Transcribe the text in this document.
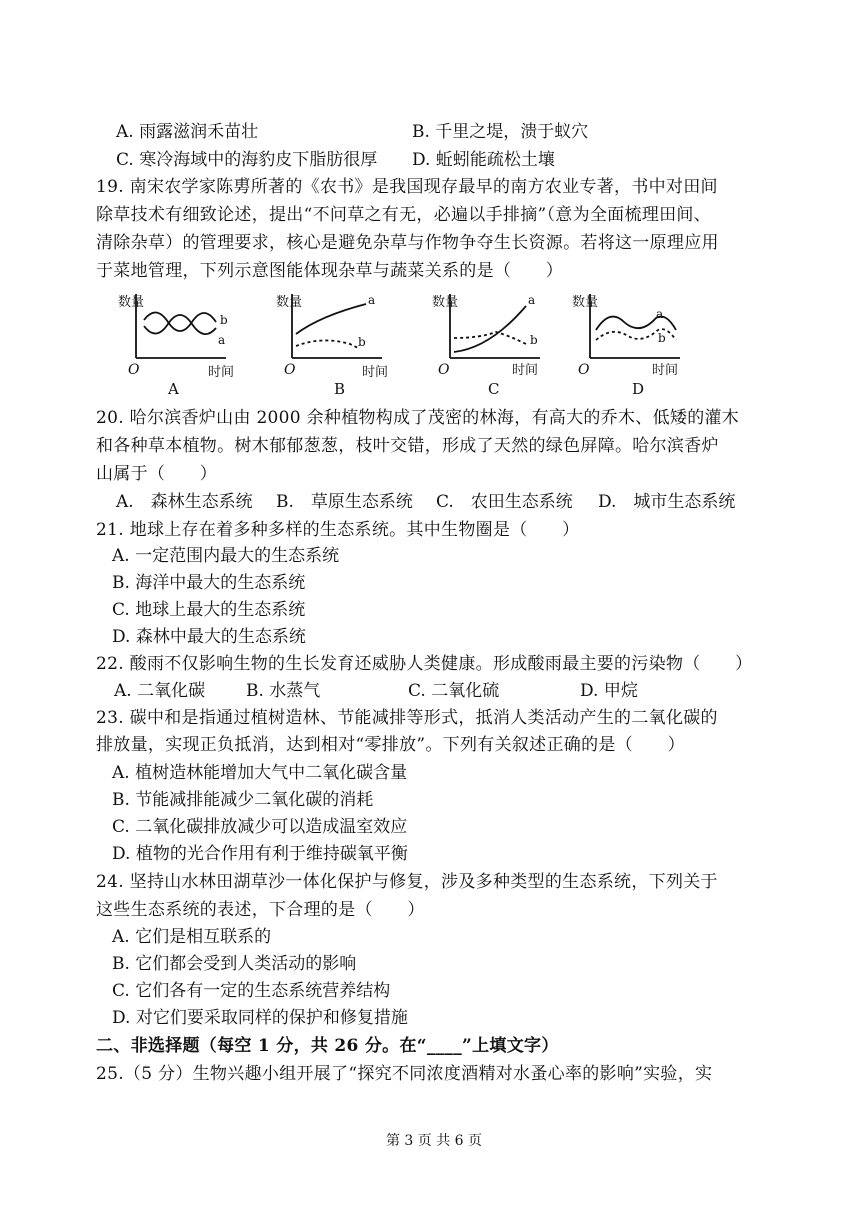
A. 雨露滋润禾苗壮	B. 千里之堤，溃于蚁穴
C. 寒冷海域中的海豹皮下脂肪很厚 D. 蚯蚓能疏松土壤
19. 南宋农学家陈旉所著的《农书》是我国现存最早的南方农业专著，书中对田间
除草技术有细致论述，提出“不问草之有无，必遍以手排摘”（意为全面梳理田间、
清除杂草）的管理要求，核心是避免杂草与作物争夺生长资源。若将这一原理应用
于菜地管理，下列示意图能体现杂草与蔬菜关系的是（　　）
数量
O	时间
b
a
数量
O	时间
a
b
数量
O	时间
a
b
数量
O	时间
a
b
A	B	C	D
20. 哈尔滨香炉山由 2000 余种植物构成了茂密的林海，有高大的乔木、低矮的灌木
和各种草本植物。树木郁郁葱葱，枝叶交错，形成了天然的绿色屏障。哈尔滨香炉
山属于（　　）
A.　森林生态系统 B.　草原生态系统 C.　农田生态系统 D.　城市生态系统
21. 地球上存在着多种多样的生态系统。其中生物圈是（　　）
A. 一定范围内最大的生态系统
B. 海洋中最大的生态系统
C. 地球上最大的生态系统
D. 森林中最大的生态系统
22. 酸雨不仅影响生物的生长发育还威胁人类健康。形成酸雨最主要的污染物（　　）
A. 二氧化碳 B. 水蒸气	C. 二氧化硫	D. 甲烷
23. 碳中和是指通过植树造林、节能减排等形式，抵消人类活动产生的二氧化碳的
排放量，实现正负抵消，达到相对“零排放”。下列有关叙述正确的是（　　）
A. 植树造林能增加大气中二氧化碳含量
B. 节能减排能减少二氧化碳的消耗
C. 二氧化碳排放减少可以造成温室效应
D. 植物的光合作用有利于维持碳氧平衡
24. 坚持山水林田湖草沙一体化保护与修复，涉及多种类型的生态系统，下列关于
这些生态系统的表述，下合理的是（　　）
A. 它们是相互联系的
B. 它们都会受到人类活动的影响
C. 它们各有一定的生态系统营养结构
D. 对它们要采取同样的保护和修复措施
二、非选择题（每空 1 分，共 26 分。在“____”上填文字）
25.（5 分）生物兴趣小组开展了“探究不同浓度酒精对水蚤心率的影响”实验，实
第 3 页 共 6 页
